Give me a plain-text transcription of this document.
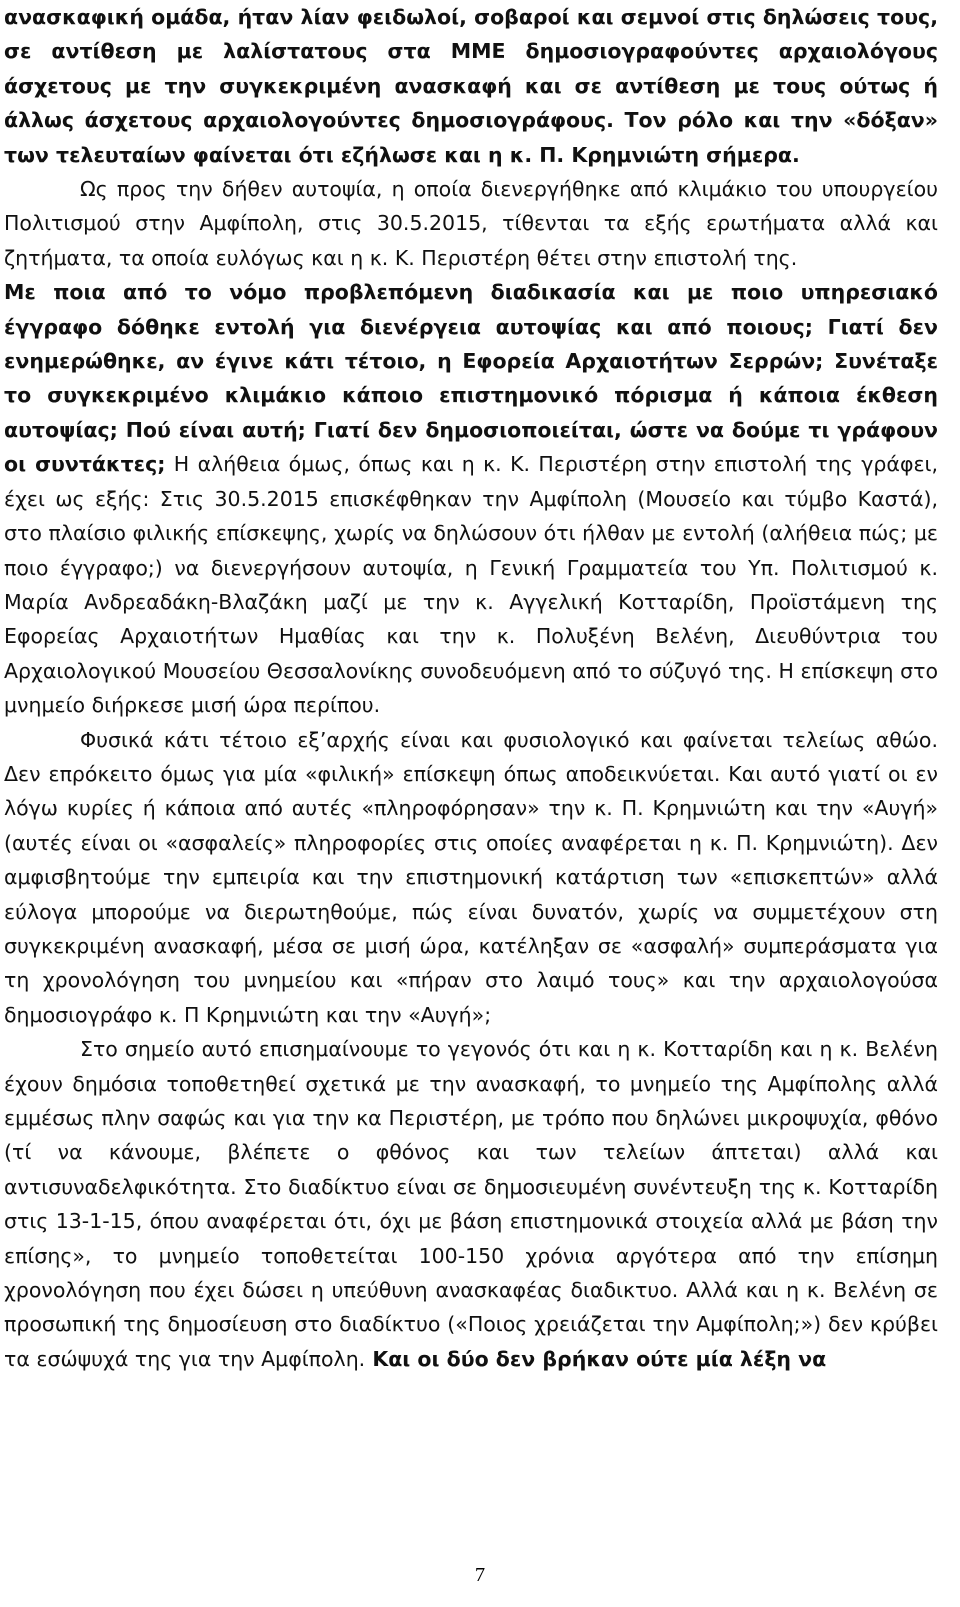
ανασκαφική ομάδα, ήταν λίαν φειδωλοί, σοβαροί και σεμνοί στις δηλώσεις τους, σε αντίθεση με λαλίστατους στα ΜΜΕ δημοσιογραφούντες αρχαιολόγους άσχετους με την συγκεκριμένη ανασκαφή και σε αντίθεση με τους ούτως ή άλλως άσχετους αρχαιολογούντες δημοσιογράφους. Τον ρόλο και την «δόξαν» των τελευταίων φαίνεται ότι εζήλωσε και η κ. Π. Κρημνιώτη σήμερα.

Ως προς την δήθεν αυτοψία, η οποία διενεργήθηκε από κλιμάκιο του υπουργείου Πολιτισμού στην Αμφίπολη, στις 30.5.2015, τίθενται τα εξής ερωτήματα αλλά και ζητήματα, τα οποία ευλόγως και η κ. Κ. Περιστέρη θέτει στην επιστολή της.

Με ποια από το νόμο προβλεπόμενη διαδικασία και με ποιο υπηρεσιακό έγγραφο δόθηκε εντολή για διενέργεια αυτοψίας και από ποιους; Γιατί δεν ενημερώθηκε, αν έγινε κάτι τέτοιο, η Εφορεία Αρχαιοτήτων Σερρών; Συνέταξε το συγκεκριμένο κλιμάκιο κάποιο επιστημονικό πόρισμα ή κάποια έκθεση αυτοψίας; Πού είναι αυτή; Γιατί δεν δημοσιοποιείται, ώστε να δούμε τι γράφουν οι συντάκτες; Η αλήθεια όμως, όπως και η κ. Κ. Περιστέρη στην επιστολή της γράφει, έχει ως εξής: Στις 30.5.2015 επισκέφθηκαν την Αμφίπολη (Μουσείο και τύμβο Καστά), στο πλαίσιο φιλικής επίσκεψης, χωρίς να δηλώσουν ότι ήλθαν με εντολή (αλήθεια πώς; με ποιο έγγραφο;) να διενεργήσουν αυτοψία, η Γενική Γραμματεία του Υπ. Πολιτισμού κ. Μαρία Ανδρεαδάκη-Βλαζάκη μαζί με την κ. Αγγελική Κοτταρίδη, Προϊστάμενη της Εφορείας Αρχαιοτήτων Ημαθίας και την κ. Πολυξένη Βελένη, Διευθύντρια του Αρχαιολογικού Μουσείου Θεσσαλονίκης συνοδευόμενη από το σύζυγό της. Η επίσκεψη στο μνημείο διήρκεσε μισή ώρα περίπου.

Φυσικά κάτι τέτοιο εξ’αρχής είναι και φυσιολογικό και φαίνεται τελείως αθώο. Δεν επρόκειτο όμως για μία «φιλική» επίσκεψη όπως αποδεικνύεται. Και αυτό γιατί οι εν λόγω κυρίες ή κάποια από αυτές «πληροφόρησαν» την κ. Π. Κρημνιώτη και την «Αυγή» (αυτές είναι οι «ασφαλείς» πληροφορίες στις οποίες αναφέρεται η κ. Π. Κρημνιώτη). Δεν αμφισβητούμε την εμπειρία και την επιστημονική κατάρτιση των «επισκεπτών» αλλά εύλογα μπορούμε να διερωτηθούμε, πώς είναι δυνατόν, χωρίς να συμμετέχουν στη συγκεκριμένη ανασκαφή, μέσα σε μισή ώρα, κατέληξαν σε «ασφαλή» συμπεράσματα για τη χρονολόγηση του μνημείου και «πήραν στο λαιμό τους» και την αρχαιολογούσα δημοσιογράφο κ. Π Κρημνιώτη και την «Αυγή»;

Στο σημείο αυτό επισημαίνουμε το γεγονός ότι και η κ. Κοτταρίδη και η κ. Βελένη έχουν δημόσια τοποθετηθεί σχετικά με την ανασκαφή, το μνημείο της Αμφίπολης αλλά εμμέσως πλην σαφώς και για την κα Περιστέρη, με τρόπο που δηλώνει μικροψυχία, φθόνο (τί να κάνουμε, βλέπετε ο φθόνος και των τελείων άπτεται) αλλά και αντισυναδελφικότητα. Στο διαδίκτυο είναι σε δημοσιευμένη συνέντευξη της κ. Κοτταρίδη στις 13-1-15, όπου αναφέρεται ότι, όχι με βάση επιστημονικά στοιχεία αλλά με βάση την επίσης», το μνημείο τοποθετείται 100-150 χρόνια αργότερα από την επίσημη χρονολόγηση που έχει δώσει η υπεύθυνη ανασκαφέας διαδικτυο. Αλλά και η κ. Βελένη σε προσωπική της δημοσίευση στο διαδίκτυο («Ποιος χρειάζεται την Αμφίπολη;») δεν κρύβει τα εσώψυχά της για την Αμφίπολη. Και οι δύο δεν βρήκαν ούτε μία λέξη να

7
